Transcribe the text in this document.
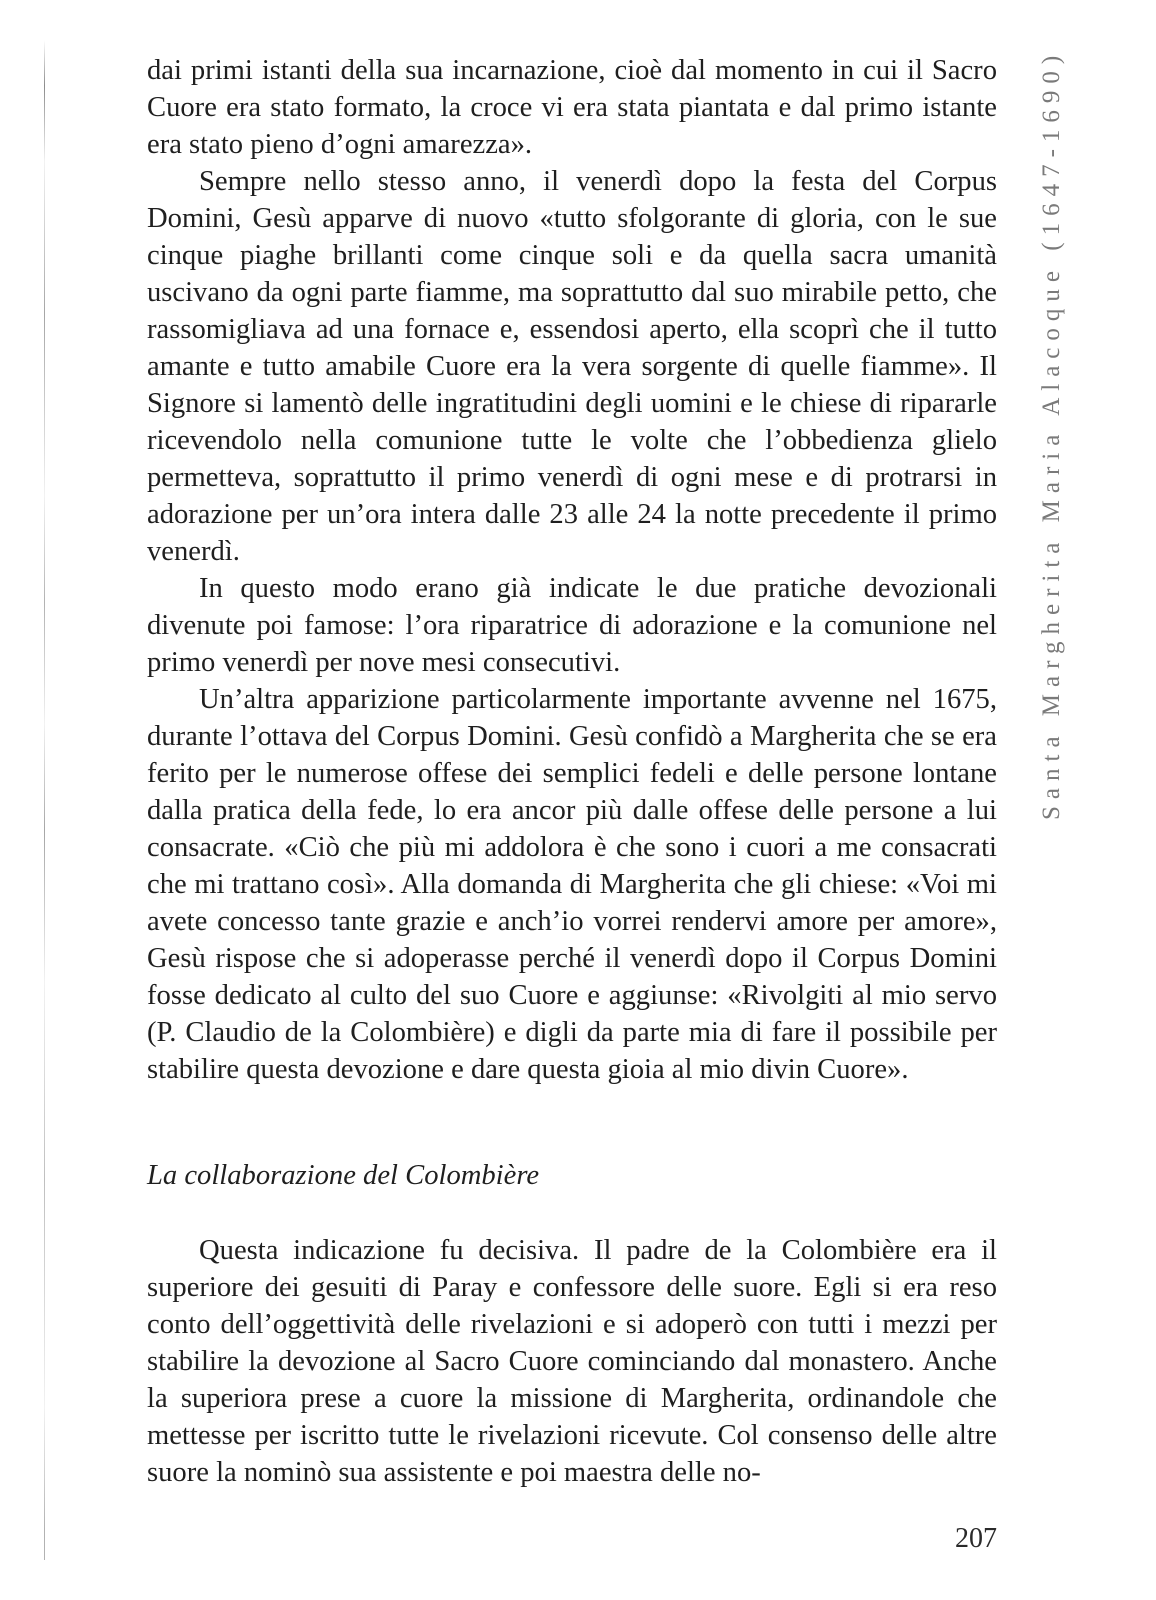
dai primi istanti della sua incarnazione, cioè dal momento in cui il Sacro Cuore era stato formato, la croce vi era stata piantata e dal primo istante era stato pieno d’ogni amarezza».

Sempre nello stesso anno, il venerdì dopo la festa del Corpus Domini, Gesù apparve di nuovo «tutto sfolgorante di gloria, con le sue cinque piaghe brillanti come cinque soli e da quella sacra umanità uscivano da ogni parte fiamme, ma soprattutto dal suo mirabile petto, che rassomigliava ad una fornace e, essendosi aperto, ella scoprì che il tutto amante e tutto amabile Cuore era la vera sorgente di quelle fiamme». Il Signore si lamentò delle ingratitudini degli uomini e le chiese di ripararle ricevendolo nella comunione tutte le volte che l’obbedienza glielo permetteva, soprattutto il primo venerdì di ogni mese e di protrarsi in adorazione per un’ora intera dalle 23 alle 24 la notte precedente il primo venerdì.

In questo modo erano già indicate le due pratiche devozionali divenute poi famose: l’ora riparatrice di adorazione e la comunione nel primo venerdì per nove mesi consecutivi.

Un’altra apparizione particolarmente importante avvenne nel 1675, durante l’ottava del Corpus Domini. Gesù confidò a Margherita che se era ferito per le numerose offese dei semplici fedeli e delle persone lontane dalla pratica della fede, lo era ancor più dalle offese delle persone a lui consacrate. «Ciò che più mi addolora è che sono i cuori a me consacrati che mi trattano così». Alla domanda di Margherita che gli chiese: «Voi mi avete concesso tante grazie e anch’io vorrei rendervi amore per amore», Gesù rispose che si adoperasse perché il venerdì dopo il Corpus Domini fosse dedicato al culto del suo Cuore e aggiunse: «Rivolgiti al mio servo (P. Claudio de la Colombière) e digli da parte mia di fare il possibile per stabilire questa devozione e dare questa gioia al mio divin Cuore».

La collaborazione del Colombière

Questa indicazione fu decisiva. Il padre de la Colombière era il superiore dei gesuiti di Paray e confessore delle suore. Egli si era reso conto dell’oggettività delle rivelazioni e si adoperò con tutti i mezzi per stabilire la devozione al Sacro Cuore cominciando dal monastero. Anche la superiora prese a cuore la missione di Margherita, ordinandole che mettesse per iscritto tutte le rivelazioni ricevute. Col consenso delle altre suore la nominò sua assistente e poi maestra delle no-

Santa Margherita Maria Alacoque (1647-1690)
207
